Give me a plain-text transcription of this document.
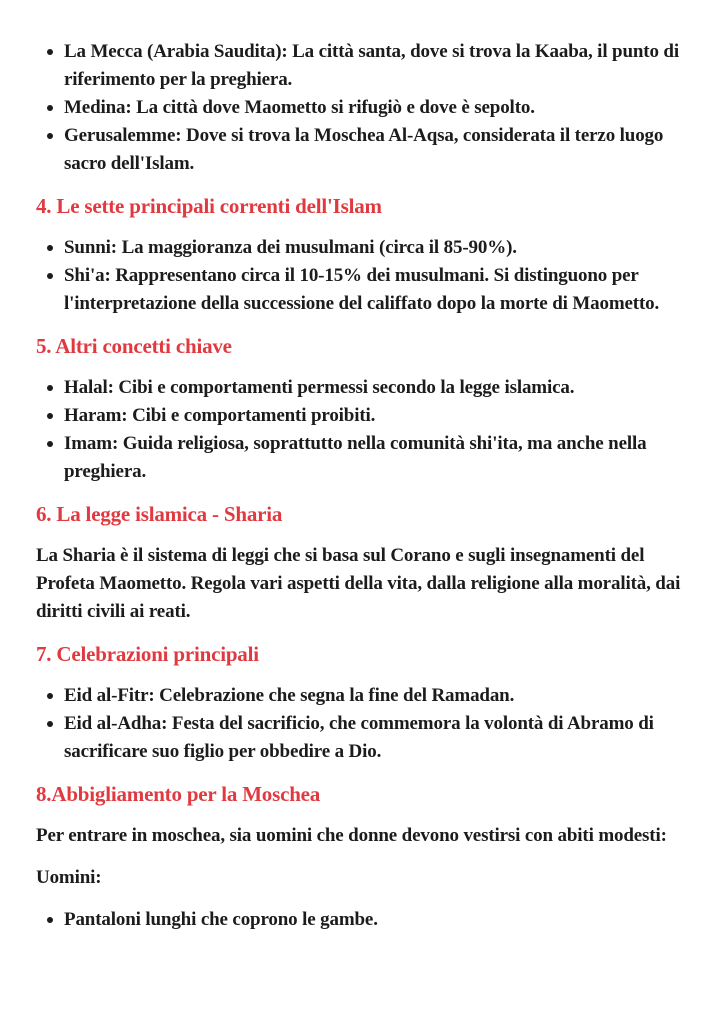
La Mecca (Arabia Saudita): La città santa, dove si trova la Kaaba, il punto di riferimento per la preghiera.
Medina: La città dove Maometto si rifugiò e dove è sepolto.
Gerusalemme: Dove si trova la Moschea Al-Aqsa, considerata il terzo luogo sacro dell'Islam.
4. Le sette principali correnti dell'Islam
Sunni: La maggioranza dei musulmani (circa il 85-90%).
Shi'a: Rappresentano circa il 10-15% dei musulmani. Si distinguono per l'interpretazione della successione del califfato dopo la morte di Maometto.
5. Altri concetti chiave
Halal: Cibi e comportamenti permessi secondo la legge islamica.
Haram: Cibi e comportamenti proibiti.
Imam: Guida religiosa, soprattutto nella comunità shi'ita, ma anche nella preghiera.
6. La legge islamica - Sharia

La Sharia è il sistema di leggi che si basa sul Corano e sugli insegnamenti del Profeta Maometto. Regola vari aspetti della vita, dalla religione alla moralità, dai diritti civili ai reati.

7. Celebrazioni principali
Eid al-Fitr: Celebrazione che segna la fine del Ramadan.
Eid al-Adha: Festa del sacrificio, che commemora la volontà di Abramo di sacrificare suo figlio per obbedire a Dio.
8.Abbigliamento per la Moschea

Per entrare in moschea, sia uomini che donne devono vestirsi con abiti modesti:

Uomini:

Pantaloni lunghi che coprono le gambe.
